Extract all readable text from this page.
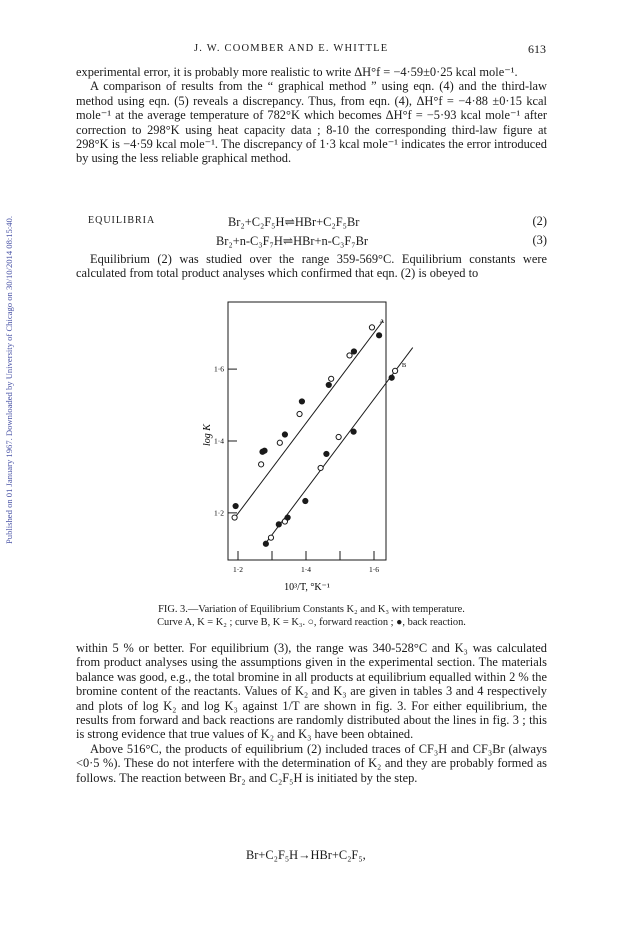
Published on 01 January 1967. Downloaded by University of Chicago on 30/10/2014 08:15:40.
J. W. COOMBER AND E. WHITTLE	613

experimental error, it is probably more realistic to write ΔH°f = −4·59±0·25 kcal mole⁻¹.

A comparison of results from the “ graphical method ” using eqn. (4) and the third-law method using eqn. (5) reveals a discrepancy. Thus, from eqn. (4), ΔH°f = −4·88 ±0·15 kcal mole⁻¹ at the average temperature of 782°K which becomes ΔH°f = −5·93 kcal mole⁻¹ after correction to 298°K using heat capacity data ; 8-10 the corresponding third-law figure at 298°K is −4·59 kcal mole⁻¹. The discrepancy of 1·3 kcal mole⁻¹ indicates the error introduced by using the less reliable graphical method.

EQUILIBRIA	Br₂+C₂F₅H⇌HBr+C₂F₅Br	(2)
Br₂+n-C₃F₇H⇌HBr+n-C₃F₇Br	(3)

Equilibrium (2) was studied over the range 359-569°C. Equilibrium constants were calculated from total product analyses which confirmed that eqn. (2) is obeyed to

1·2	1·4	1·6
1·2
1·4
1·6
10³/T, °K⁻¹
log K
A
B
FIG. 3.—Variation of Equilibrium Constants K₂ and K₃ with temperature.
Curve A, K = K₂ ; curve B, K = K₃. ○, forward reaction ; ●, back reaction.

within 5 % or better. For equilibrium (3), the range was 340-528°C and K₃ was calculated from product analyses using the assumptions given in the experimental section. The materials balance was good, e.g., the total bromine in all products at equilibrium equalled within 2 % the bromine content of the reactants. Values of K₂ and K₃ are given in tables 3 and 4 respectively and plots of log K₂ and log K₃ against 1/T are shown in fig. 3. For either equilibrium, the results from forward and back reactions are randomly distributed about the lines in fig. 3 ; this is strong evidence that true values of K₂ and K₃ have been obtained.

Above 516°C, the products of equilibrium (2) included traces of CF₃H and CF₃Br (always <0·5 %). These do not interfere with the determination of K₂ and they are probably formed as follows. The reaction between Br₂ and C₂F₅H is initiated by the step.

Br+C₂F₅H→HBr+C₂F₅,
